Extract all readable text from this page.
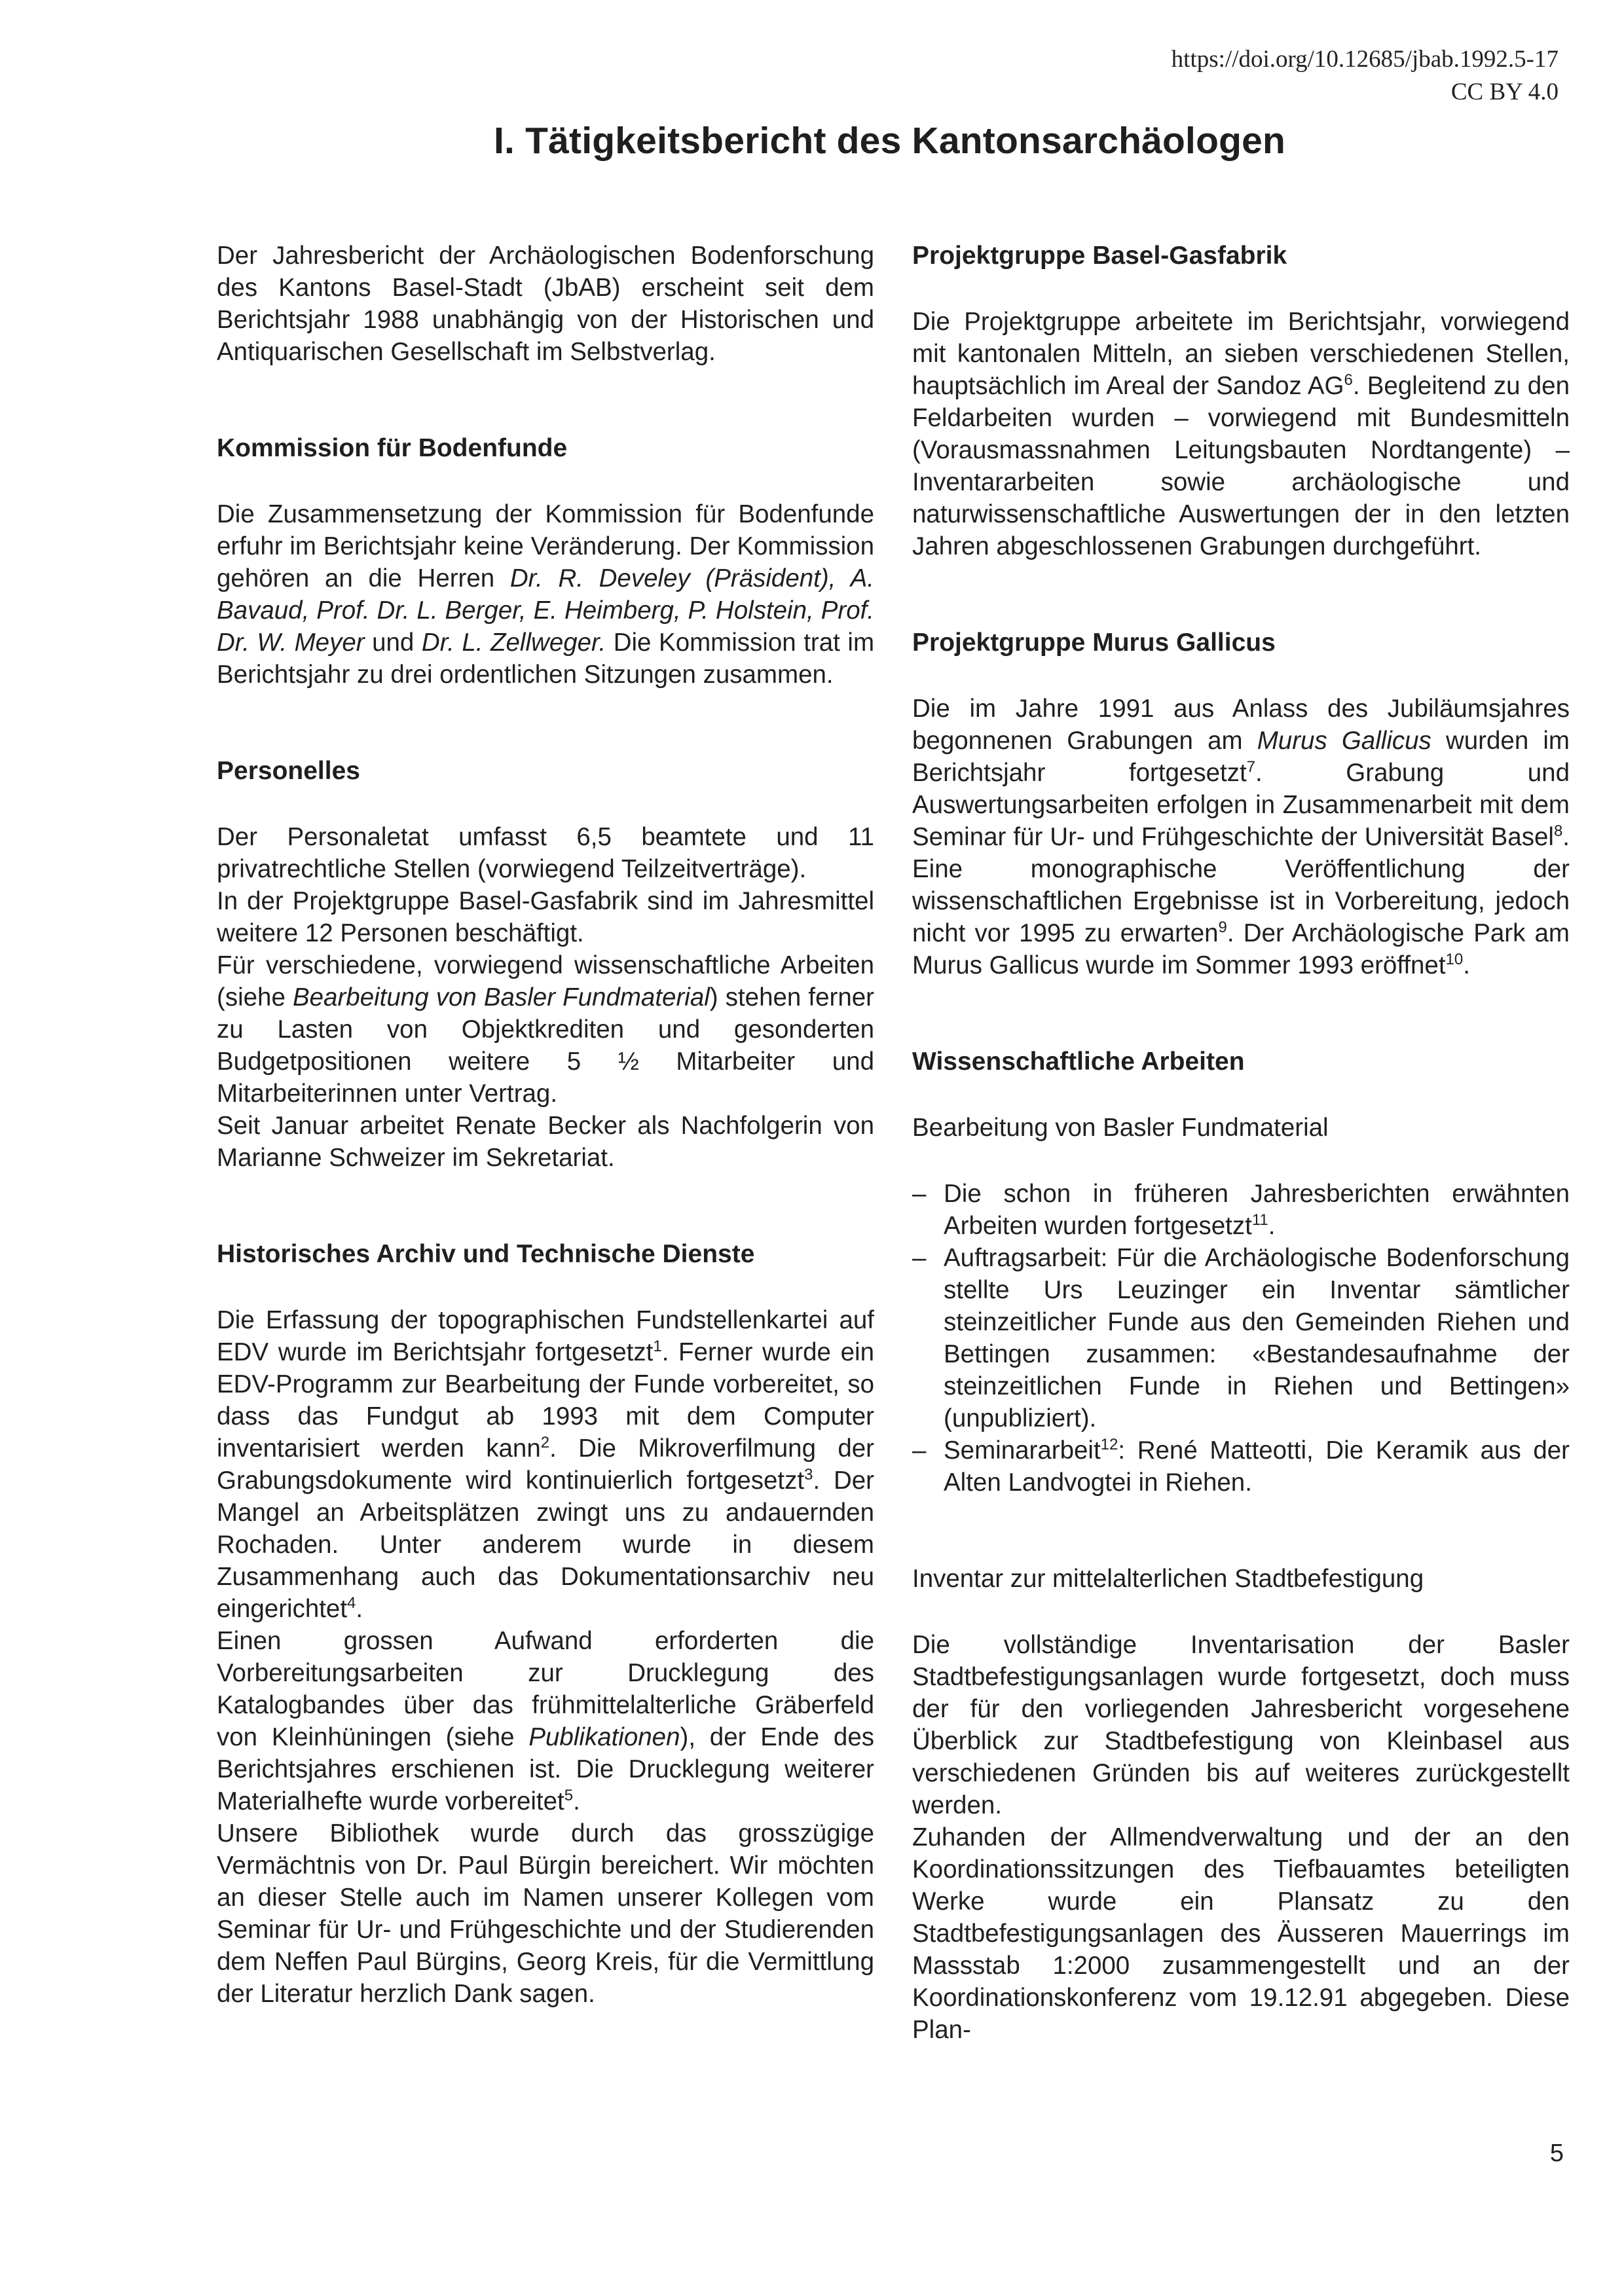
https://doi.org/10.12685/jbab.1992.5-17
CC BY 4.0
I. Tätigkeitsbericht des Kantonsarchäologen

Der Jahresbericht der Archäologischen Bodenforschung des Kantons Basel-Stadt (JbAB) erscheint seit dem Berichtsjahr 1988 unabhängig von der Historischen und Antiquarischen Gesellschaft im Selbstverlag.

Kommission für Bodenfunde

Die Zusammensetzung der Kommission für Bodenfunde erfuhr im Berichtsjahr keine Veränderung. Der Kommission gehören an die Herren Dr. R. Develey (Präsident), A. Bavaud, Prof. Dr. L. Berger, E. Heimberg, P. Holstein, Prof. Dr. W. Meyer und Dr. L. Zellweger. Die Kommission trat im Berichtsjahr zu drei ordentlichen Sitzungen zusammen.

Personelles

Der Personaletat umfasst 6,5 beamtete und 11 privatrechtliche Stellen (vorwiegend Teilzeitverträge).

In der Projektgruppe Basel-Gasfabrik sind im Jahresmittel weitere 12 Personen beschäftigt.

Für verschiedene, vorwiegend wissenschaftliche Arbeiten (siehe Bearbeitung von Basler Fundmaterial) stehen ferner zu Lasten von Objektkrediten und gesonderten Budgetpositionen weitere 5 ½ Mitarbeiter und Mitarbeiterinnen unter Vertrag.

Seit Januar arbeitet Renate Becker als Nachfolgerin von Marianne Schweizer im Sekretariat.

Historisches Archiv und Technische Dienste

Die Erfassung der topographischen Fundstellenkartei auf EDV wurde im Berichtsjahr fortgesetzt$^1$. Ferner wurde ein EDV-Programm zur Bearbeitung der Funde vorbereitet, so dass das Fundgut ab 1993 mit dem Computer inventarisiert werden kann$^2$. Die Mikroverfilmung der Grabungsdokumente wird kontinuierlich fortgesetzt$^3$. Der Mangel an Arbeitsplätzen zwingt uns zu andauernden Rochaden. Unter anderem wurde in diesem Zusammenhang auch das Dokumentationsarchiv neu eingerichtet$^4$.

Einen grossen Aufwand erforderten die Vorbereitungsarbeiten zur Drucklegung des Katalogbandes über das frühmittelalterliche Gräberfeld von Kleinhüningen (siehe Publikationen), der Ende des Berichtsjahres erschienen ist. Die Drucklegung weiterer Materialhefte wurde vorbereitet$^5$.

Unsere Bibliothek wurde durch das grosszügige Vermächtnis von Dr. Paul Bürgin bereichert. Wir möchten an dieser Stelle auch im Namen unserer Kollegen vom Seminar für Ur- und Frühgeschichte und der Studierenden dem Neffen Paul Bürgins, Georg Kreis, für die Vermittlung der Literatur herzlich Dank sagen.

Projektgruppe Basel-Gasfabrik

Die Projektgruppe arbeitete im Berichtsjahr, vorwiegend mit kantonalen Mitteln, an sieben verschiedenen Stellen, hauptsächlich im Areal der Sandoz $AG^6$. Begleitend zu den Feldarbeiten wurden – vorwiegend mit Bundesmitteln (Vorausmassnahmen Leitungsbauten Nordtangente) – Inventararbeiten sowie archäologische und naturwissenschaftliche Auswertungen der in den letzten Jahren abgeschlossenen Grabungen durchgeführt.

Projektgruppe Murus Gallicus

Die im Jahre 1991 aus Anlass des Jubiläumsjahres begonnenen Grabungen am Murus Gallicus wurden im Berichtsjahr fortgesetzt$^7$. Grabung und Auswertungsarbeiten erfolgen in Zusammenarbeit mit dem Seminar für Ur- und Frühgeschichte der Universität Basel$^8$. Eine monographische Veröffentlichung der wissenschaftlichen Ergebnisse ist in Vorbereitung, jedoch nicht vor 1995 zu erwarten$^9$. Der Archäologische Park am Murus Gallicus wurde im Sommer 1993 eröffnet$^{10}$.

Wissenschaftliche Arbeiten

Bearbeitung von Basler Fundmaterial

– Die schon in früheren Jahresberichten erwähnten Arbeiten wurden fortgesetzt$^{11}$.
– Auftragsarbeit: Für die Archäologische Bodenforschung stellte Urs Leuzinger ein Inventar sämtlicher steinzeitlicher Funde aus den Gemeinden Riehen und Bettingen zusammen: «Bestandesaufnahme der steinzeitlichen Funde in Riehen und Bettingen» (unpubliziert).
– Seminararbeit$^{12}$: René Matteotti, Die Keramik aus der Alten Landvogtei in Riehen.

Inventar zur mittelalterlichen Stadtbefestigung

Die vollständige Inventarisation der Basler Stadtbefestigungsanlagen wurde fortgesetzt, doch muss der für den vorliegenden Jahresbericht vorgesehene Überblick zur Stadtbefestigung von Kleinbasel aus verschiedenen Gründen bis auf weiteres zurückgestellt werden.

Zuhanden der Allmendverwaltung und der an den Koordinationssitzungen des Tiefbauamtes beteiligten Werke wurde ein Plansatz zu den Stadtbefestigungsanlagen des Äusseren Mauerrings im Massstab 1:2000 zusammengestellt und an der Koordinationskonferenz vom 19.12.91 abgegeben. Diese Plan-

5
